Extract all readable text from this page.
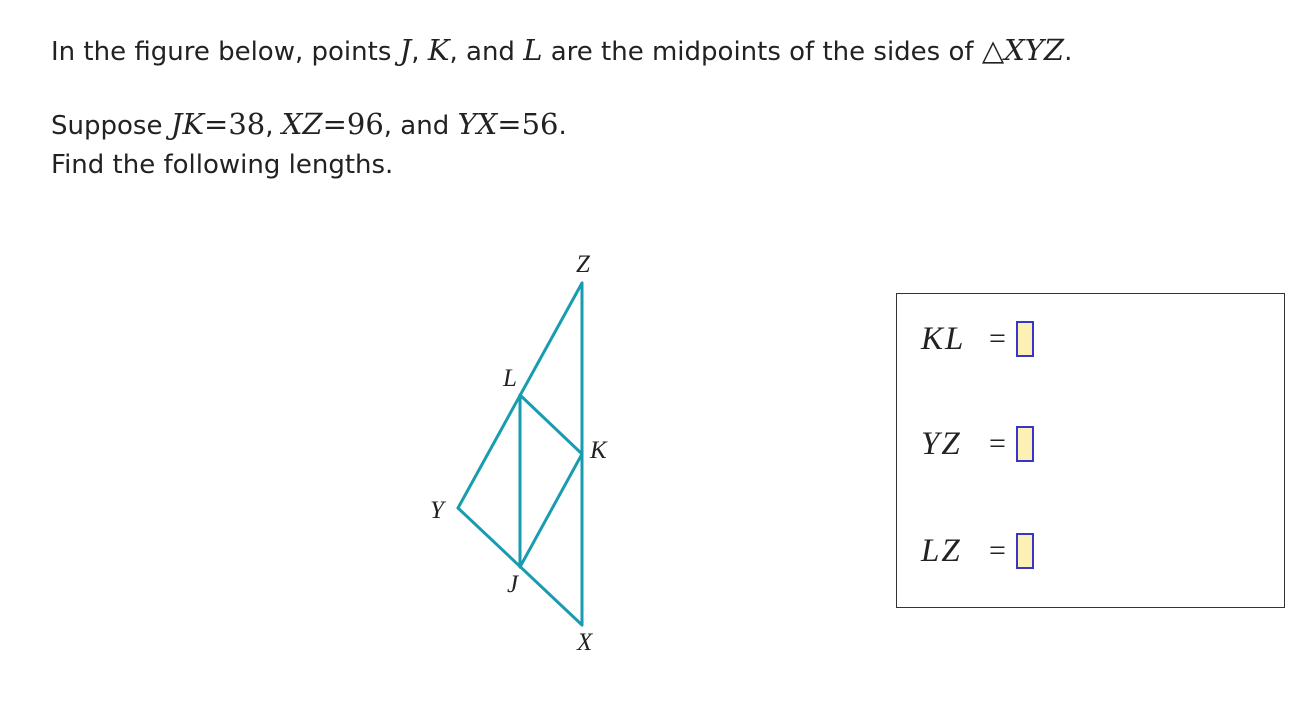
In the figure below, points J, K, and L are the midpoints of the sides of △XYZ.
Suppose JK=38, XZ=96, and YX=56.
Find the following lengths.
Z
L
K
Y
J
X
KL =
YZ =
LZ =
